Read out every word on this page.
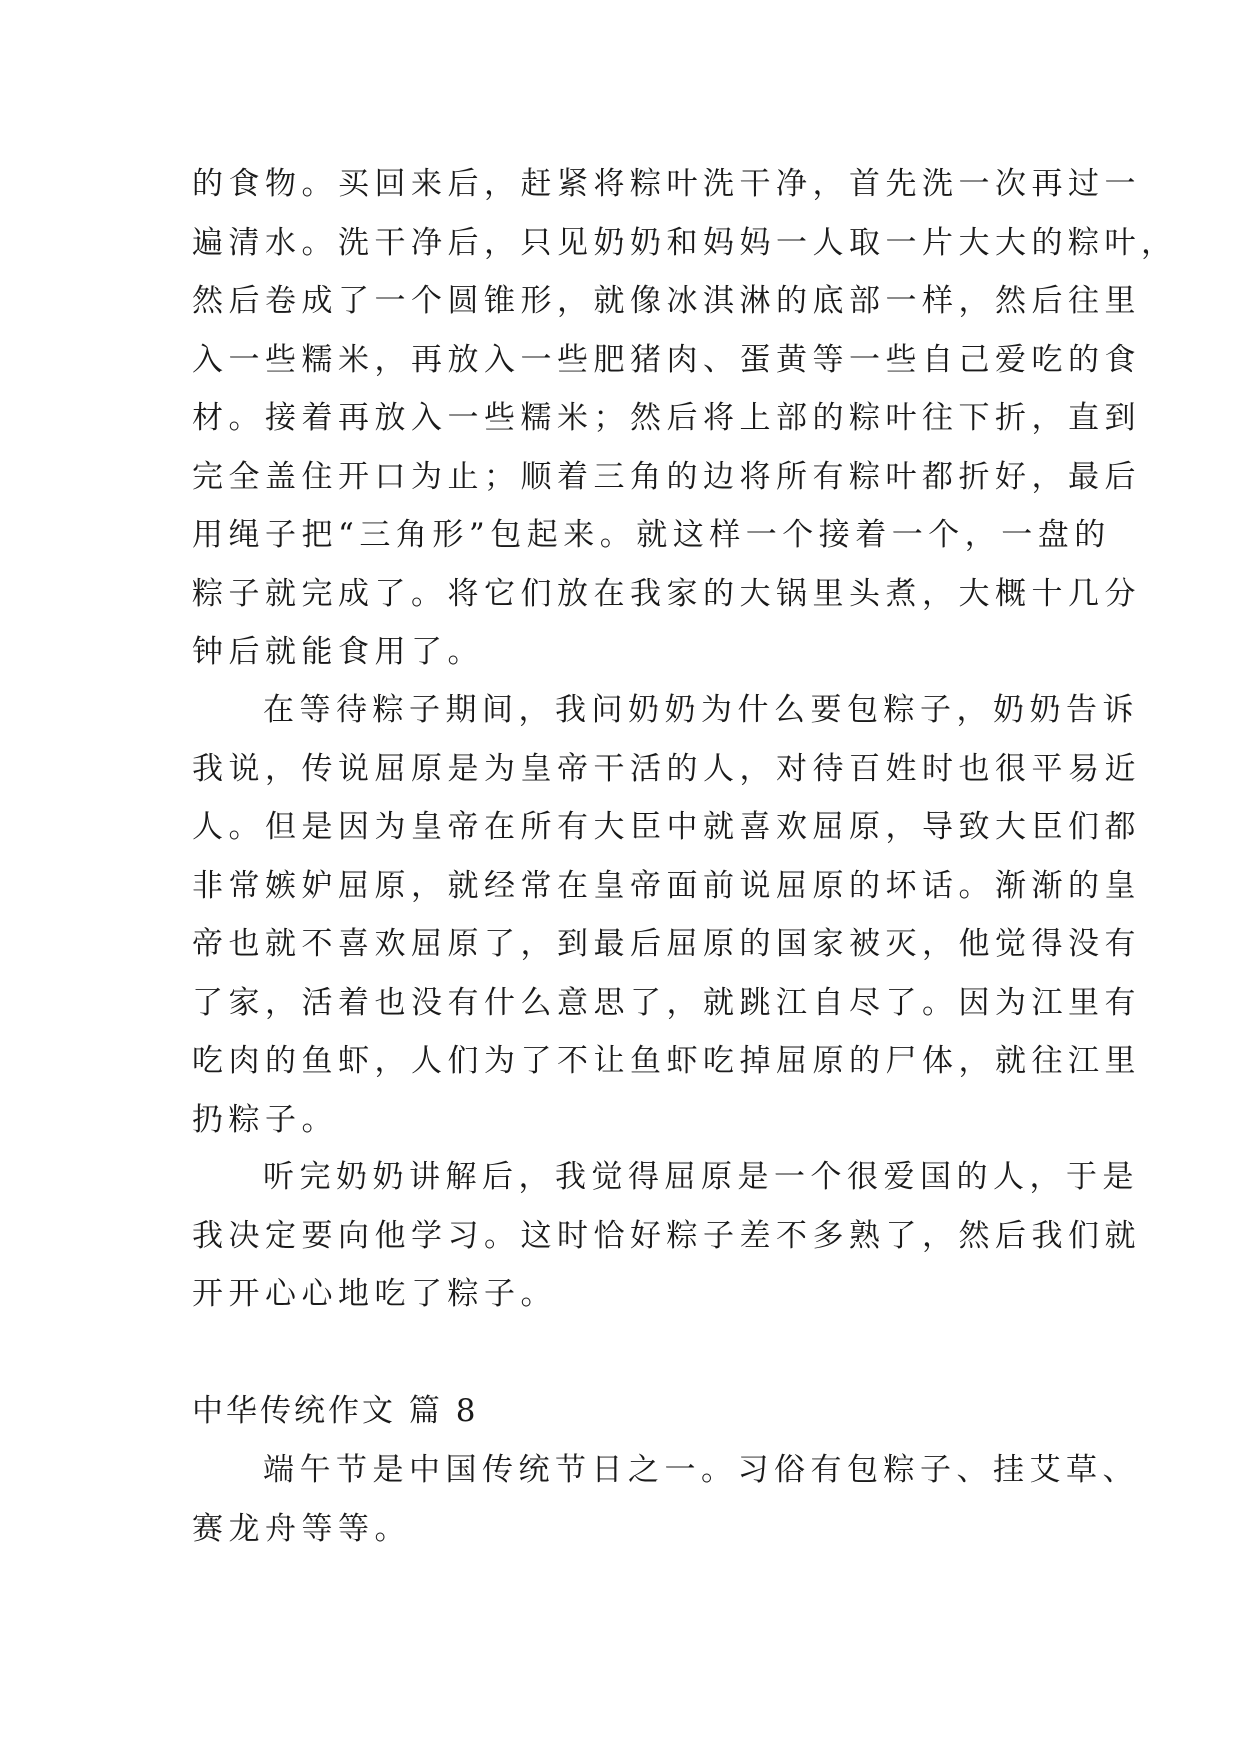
的食物。买回来后，赶紧将粽叶洗干净，首先洗一次再过一
遍清水。洗干净后，只见奶奶和妈妈一人取一片大大的粽叶，
然后卷成了一个圆锥形，就像冰淇淋的底部一样，然后往里
入一些糯米，再放入一些肥猪肉、蛋黄等一些自己爱吃的食
材。接着再放入一些糯米；然后将上部的粽叶往下折，直到
完全盖住开口为止；顺着三角的边将所有粽叶都折好，最后
用绳子把“三角形”包起来。就这样一个接着一个，一盘的
粽子就完成了。将它们放在我家的大锅里头煮，大概十几分
钟后就能食用了。
在等待粽子期间，我问奶奶为什么要包粽子，奶奶告诉
我说，传说屈原是为皇帝干活的人，对待百姓时也很平易近
人。但是因为皇帝在所有大臣中就喜欢屈原，导致大臣们都
非常嫉妒屈原，就经常在皇帝面前说屈原的坏话。渐渐的皇
帝也就不喜欢屈原了，到最后屈原的国家被灭，他觉得没有
了家，活着也没有什么意思了，就跳江自尽了。因为江里有
吃肉的鱼虾，人们为了不让鱼虾吃掉屈原的尸体，就往江里
扔粽子。
听完奶奶讲解后，我觉得屈原是一个很爱国的人，于是
我决定要向他学习。这时恰好粽子差不多熟了，然后我们就
开开心心地吃了粽子。
中华传统作文 篇 8
端午节是中国传统节日之一。习俗有包粽子、挂艾草、
赛龙舟等等。
